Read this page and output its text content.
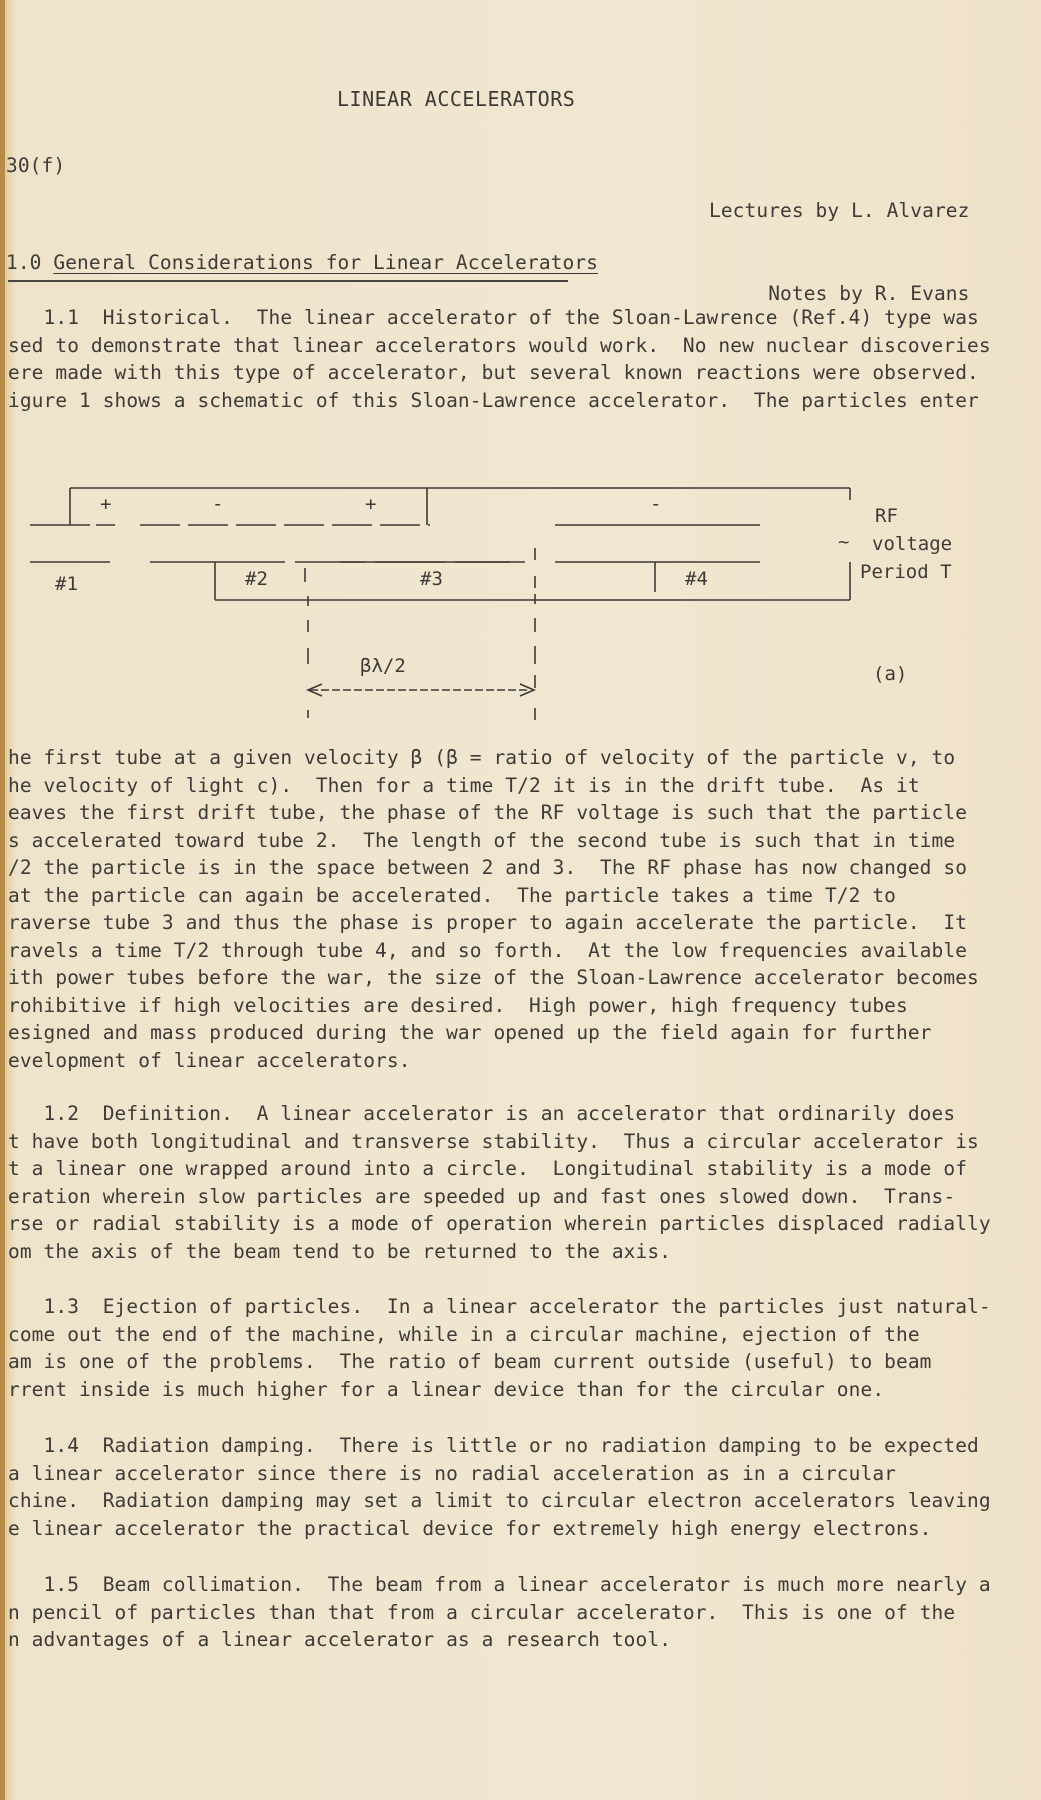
LINEAR ACCELERATORS
30(f)

Lectures by L. Alvarez

Notes by R. Evans

1.0 General Considerations for Linear Accelerators
1.1  Historical.  The linear accelerator of the Sloan-Lawrence (Ref.4) type was
sed to demonstrate that linear accelerators would work.  No new nuclear discoveries
ere made with this type of accelerator, but several known reactions were observed.
igure 1 shows a schematic of this Sloan-Lawrence accelerator.  The particles enter
+	-	+	-
#1	#2	#3	#4
RF
~ voltage
Period T
βλ/2	(a)
he first tube at a given velocity β (β = ratio of velocity of the particle v, to
he velocity of light c).  Then for a time T/2 it is in the drift tube.  As it
eaves the first drift tube, the phase of the RF voltage is such that the particle
s accelerated toward tube 2.  The length of the second tube is such that in time
/2 the particle is in the space between 2 and 3.  The RF phase has now changed so
at the particle can again be accelerated.  The particle takes a time T/2 to
raverse tube 3 and thus the phase is proper to again accelerate the particle.  It
ravels a time T/2 through tube 4, and so forth.  At the low frequencies available
ith power tubes before the war, the size of the Sloan-Lawrence accelerator becomes
rohibitive if high velocities are desired.  High power, high frequency tubes
esigned and mass produced during the war opened up the field again for further
evelopment of linear accelerators.
1.2  Definition.  A linear accelerator is an accelerator that ordinarily does
t have both longitudinal and transverse stability.  Thus a circular accelerator is
t a linear one wrapped around into a circle.  Longitudinal stability is a mode of
eration wherein slow particles are speeded up and fast ones slowed down.  Trans-
rse or radial stability is a mode of operation wherein particles displaced radially
om the axis of the beam tend to be returned to the axis.
1.3  Ejection of particles.  In a linear accelerator the particles just natural-
come out the end of the machine, while in a circular machine, ejection of the
am is one of the problems.  The ratio of beam current outside (useful) to beam
rrent inside is much higher for a linear device than for the circular one.
1.4  Radiation damping.  There is little or no radiation damping to be expected
a linear accelerator since there is no radial acceleration as in a circular
chine.  Radiation damping may set a limit to circular electron accelerators leaving
e linear accelerator the practical device for extremely high energy electrons.
1.5  Beam collimation.  The beam from a linear accelerator is much more nearly a
n pencil of particles than that from a circular accelerator.  This is one of the
n advantages of a linear accelerator as a research tool.
